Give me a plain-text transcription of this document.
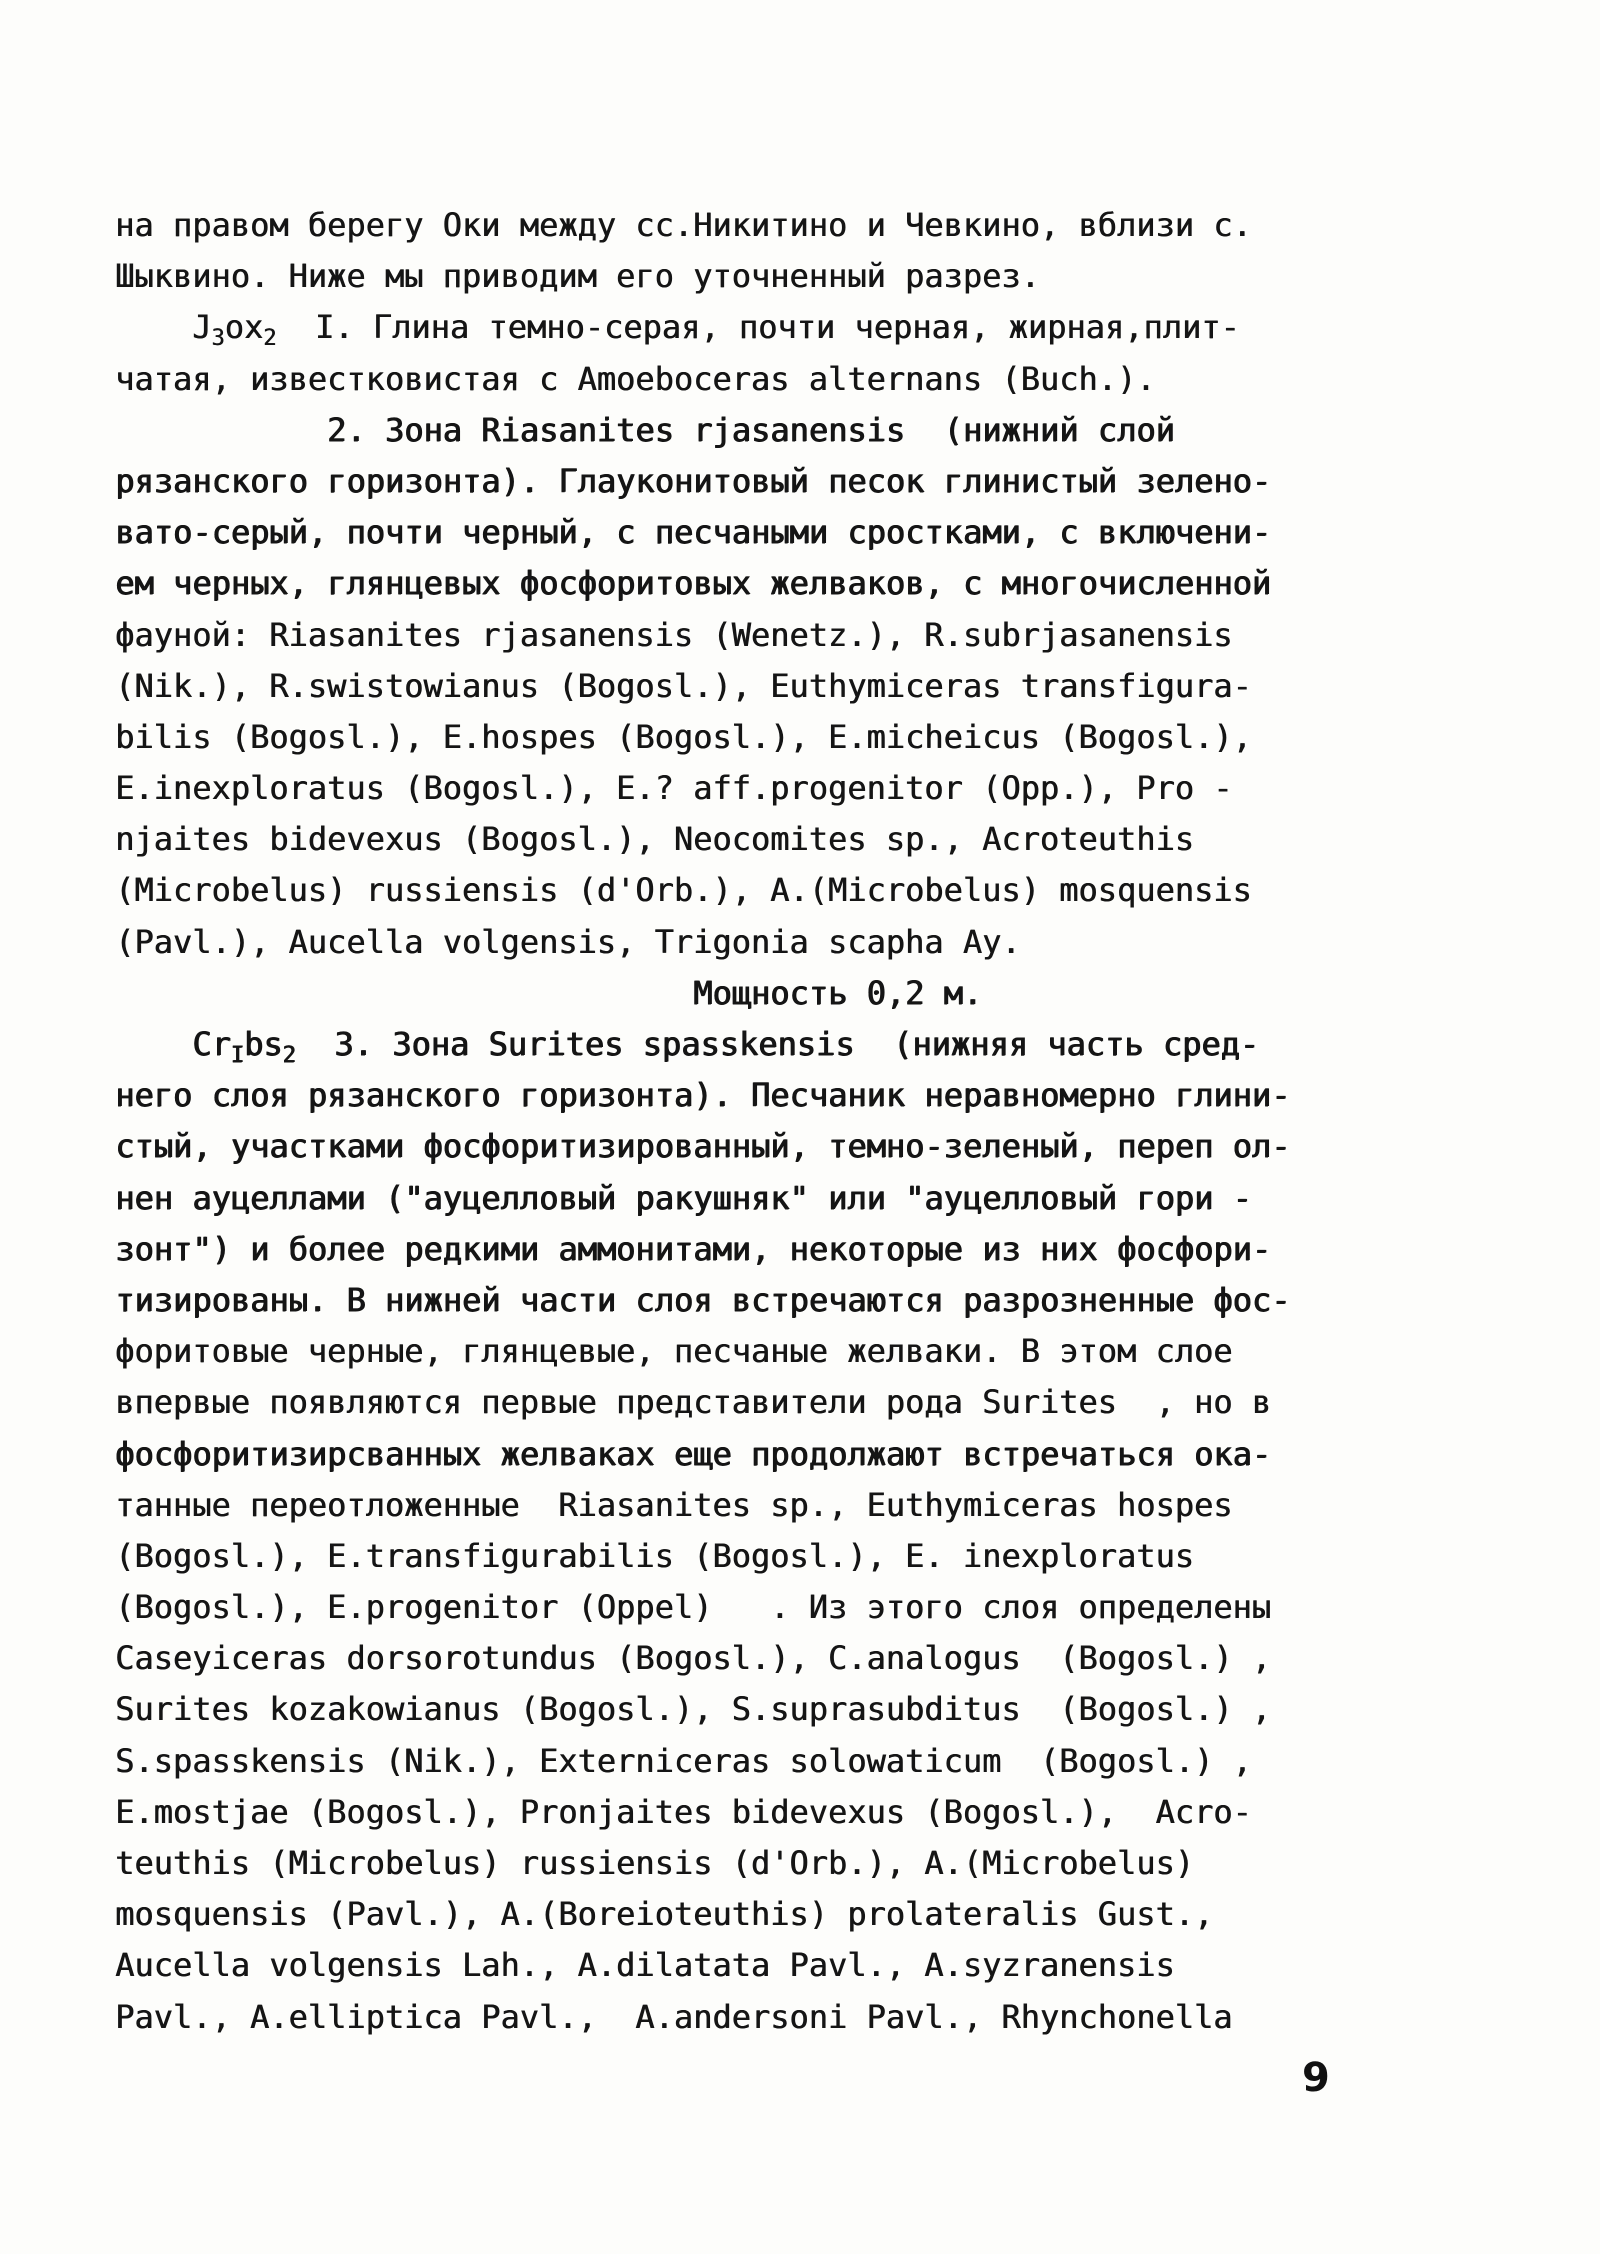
на правом берегу Оки между сс.Никитино и Чевкино, вблизи с.
Шыквино. Ниже мы приводим его уточненный разрез.
$J_3ox_2$  I. Глина темно-серая, почти черная, жирная,плит-
чатая, известковистая с Amoeboceras alternans (Buch.).
2. Зона Riasanites rjasanensis  (нижний слой
рязанского горизонта). Глауконитовый песок глинистый зелено-
вато-серый, почти черный, с песчаными сростками, с включени-
ем черных, глянцевых фосфоритовых желваков, с многочисленной
фауной: Riasanites rjasanensis (Wenetz.), R.subrjasanensis
(Nik.), R.swistowianus (Bogosl.), Euthymiceras transfigura-
bilis (Bogosl.), E.hospes (Bogosl.), E.micheicus (Bogosl.),
E.inexploratus (Bogosl.), E.? aff.progenitor (Opp.), Pro -
njaites bidevexus (Bogosl.), Neocomites sp., Acroteuthis
(Microbelus) russiensis (d'Orb.), A.(Microbelus) mosquensis
(Pavl.), Aucella volgensis, Trigonia scapha Ay.
Мощность 0,2 м.
$Cr_Ibs_2$  3. Зона Surites spasskensis  (нижняя часть сред-
него слоя рязанского горизонта). Песчаник неравномерно глини-
стый, участками фосфоритизированный, темно-зеленый, переп ол-
нен ауцеллами ("ауцелловый ракушняк" или "ауцелловый гори -
зонт") и более редкими аммонитами, некоторые из них фосфори-
тизированы. В нижней части слоя встречаются разрозненные фос-
форитовые черные, глянцевые, песчаные желваки. В этом слое
впервые появляются первые представители рода Surites  , но в
фосфоритизирсванных желваках еще продолжают встречаться ока-
танные переотложенные  Riasanites sp., Euthymiceras hospes
(Bogosl.), E.transfigurabilis (Bogosl.), E. inexploratus
(Bogosl.), E.progenitor (Oppel)   . Из этого слоя определены
Caseyiceras dorsorotundus (Bogosl.), C.analogus  (Bogosl.) ,
Surites kozakowianus (Bogosl.), S.suprasubditus  (Bogosl.) ,
S.spasskensis (Nik.), Externiceras solowaticum  (Bogosl.) ,
E.mostjae (Bogosl.), Pronjaites bidevexus (Bogosl.),  Acro-
teuthis (Microbelus) russiensis (d'Orb.), A.(Microbelus)
mosquensis (Pavl.), A.(Boreioteuthis) prolateralis Gust.,
Aucella volgensis Lah., A.dilatata Pavl., A.syzranensis
Pavl., A.elliptica Pavl.,  A.andersoni Pavl., Rhynchonella
9
